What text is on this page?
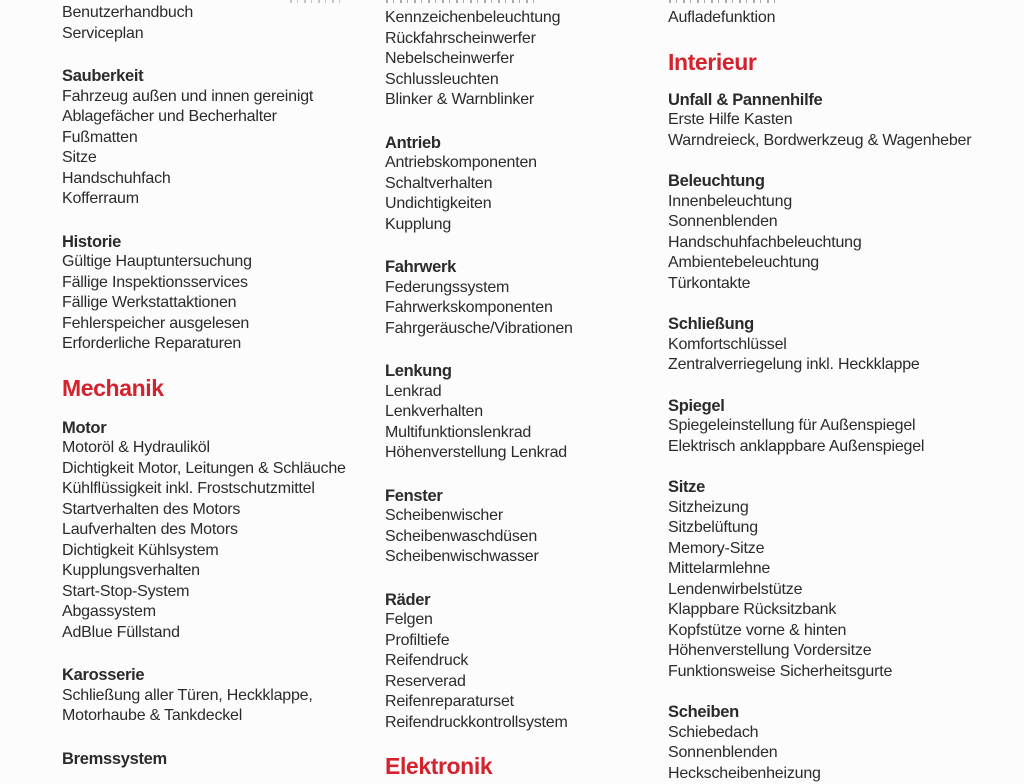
Benutzerhandbuch
Serviceplan
Sauberkeit
Fahrzeug außen und innen gereinigt
Ablagefächer und Becherhalter
Fußmatten
Sitze
Handschuhfach
Kofferraum
Historie
Gültige Hauptuntersuchung
Fällige Inspektionsservices
Fällige Werkstattaktionen
Fehlerspeicher ausgelesen
Erforderliche Reparaturen
Mechanik
Motor
Motoröl & Hydrauliköl
Dichtigkeit Motor, Leitungen & Schläuche
Kühlflüssigkeit inkl. Frostschutzmittel
Startverhalten des Motors
Laufverhalten des Motors
Dichtigkeit Kühlsystem
Kupplungsverhalten
Start-Stop-System
Abgassystem
AdBlue Füllstand
Karosserie
Schließung aller Türen, Heckklappe,
Motorhaube & Tankdeckel
Bremssystem
Kennzeichenbeleuchtung
Rückfahrscheinwerfer
Nebelscheinwerfer
Schlussleuchten
Blinker & Warnblinker
Antrieb
Antriebskomponenten
Schaltverhalten
Undichtigkeiten
Kupplung
Fahrwerk
Federungssystem
Fahrwerkskomponenten
Fahrgeräusche/Vibrationen
Lenkung
Lenkrad
Lenkverhalten
Multifunktionslenkrad
Höhenverstellung Lenkrad
Fenster
Scheibenwischer
Scheibenwaschdüsen
Scheibenwischwasser
Räder
Felgen
Profiltiefe
Reifendruck
Reserverad
Reifenreparaturset
Reifendruckkontrollsystem
Elektronik
Aufladefunktion
Interieur
Unfall & Pannenhilfe
Erste Hilfe Kasten
Warndreieck, Bordwerkzeug & Wagenheber
Beleuchtung
Innenbeleuchtung
Sonnenblenden
Handschuhfachbeleuchtung
Ambientebeleuchtung
Türkontakte
Schließung
Komfortschlüssel
Zentralverriegelung inkl. Heckklappe
Spiegel
Spiegeleinstellung für Außenspiegel
Elektrisch anklappbare Außenspiegel
Sitze
Sitzheizung
Sitzbelüftung
Memory-Sitze
Mittelarmlehne
Lendenwirbelstütze
Klappbare Rücksitzbank
Kopfstütze vorne & hinten
Höhenverstellung Vordersitze
Funktionsweise Sicherheitsgurte
Scheiben
Schiebedach
Sonnenblenden
Heckscheibenheizung
